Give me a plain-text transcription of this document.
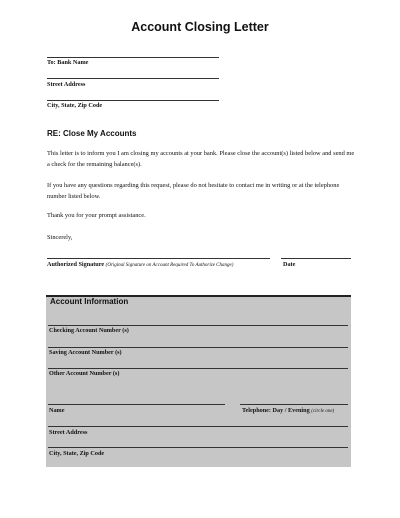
Account Closing Letter
To: Bank Name
Street Address
City, State, Zip Code
RE: Close My Accounts
This letter is to inform you I am closing my accounts at your bank. Please close the account(s) listed below and send me a check for the remaining balance(s).
If you have any questions regarding this request, please do not hesitate to contact me in writing or at the telephone number listed below.
Thank you for your prompt assistance.
Sincerely,
Authorized Signature (Original Signature on Account Required To Authorize Change)	Date
Account Information
Checking Account Number (s)
Saving Account Number (s)
Other Account Number (s)
Name	Telephone: Day / Evening (circle one)
Street Address
City, State, Zip Code
